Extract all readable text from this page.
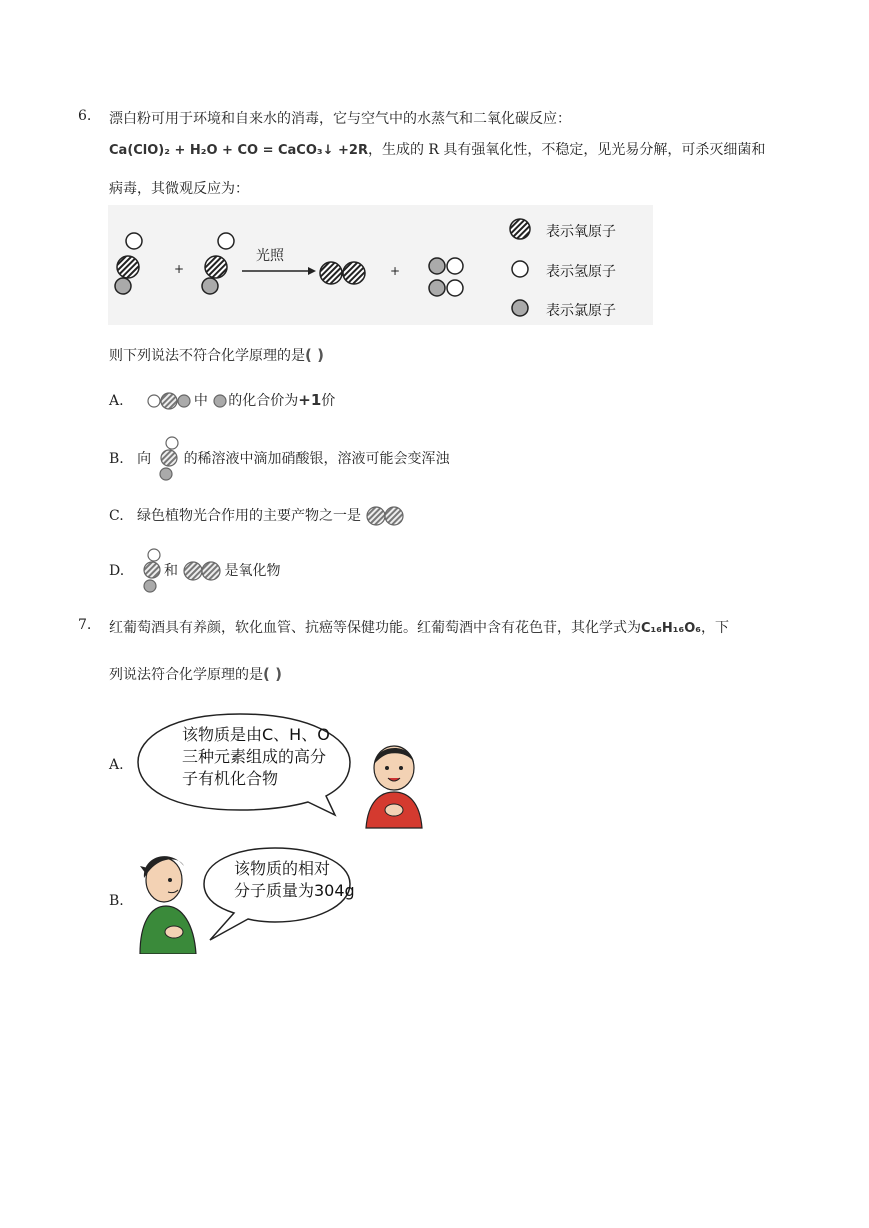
6. 漂白粉可用于环境和自来水的消毒，它与空气中的水蒸气和二氧化碳反应：
Ca(ClO)₂ + H₂O + CO = CaCO₃↓ +2R，生成的 R 具有强氧化性，不稳定，见光易分解，可杀灭细菌和
病毒，其微观反应为：
+
光照
+
表示氧原子
表示氢原子
表示氯原子
则下列说法不符合化学原理的是( )
A.	中 的化合价为+1价
B. 向 的稀溶液中滴加硝酸银，溶液可能会变浑浊
C. 绿色植物光合作用的主要产物之一是
D.	和	是氧化物
7. 红葡萄酒具有养颜，软化血管、抗癌等保健功能。红葡萄酒中含有花色苷，其化学式为C₁₆H₁₆O₆，下
列说法符合化学原理的是( )
A.
该物质是由C、H、O
三种元素组成的高分
子有机化合物
B.
该物质的相对
分子质量为304g
